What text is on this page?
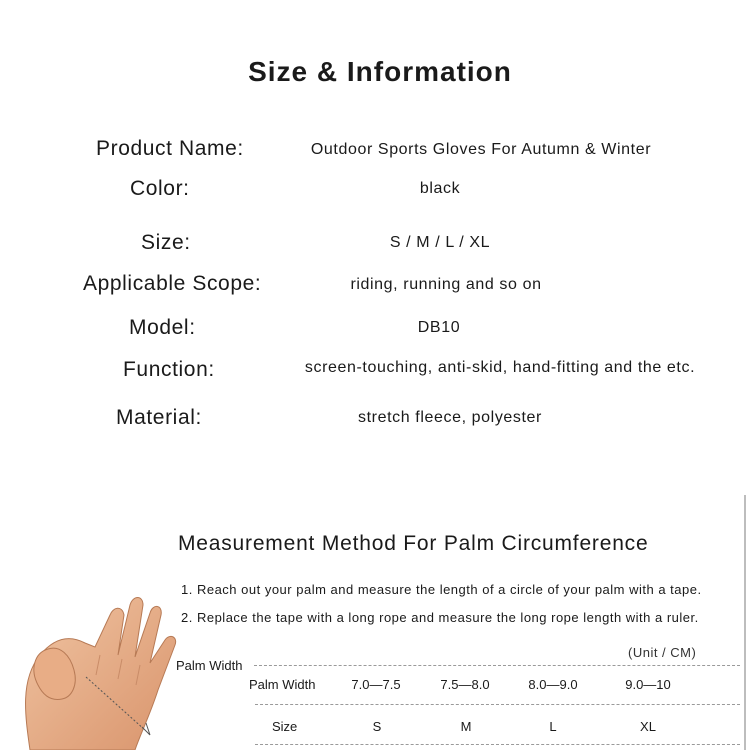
Size & Information
Product Name:	Outdoor Sports Gloves For Autumn & Winter
Color:	black
Size:	S / M / L / XL
Applicable Scope:	riding, running and so on
Model:	DB10
Function:	screen-touching, anti-skid, hand-fitting and the etc.
Material:	stretch fleece, polyester
Measurement Method For Palm Circumference
1. Reach out your palm and measure the length of a circle of your palm with a tape.
2. Replace the tape with a long rope and measure the long rope length with a ruler.
(Unit / CM)
Palm Width
Palm Width	7.0—7.5	7.5—8.0	8.0—9.0	9.0—10
Size	S	M	L	XL
